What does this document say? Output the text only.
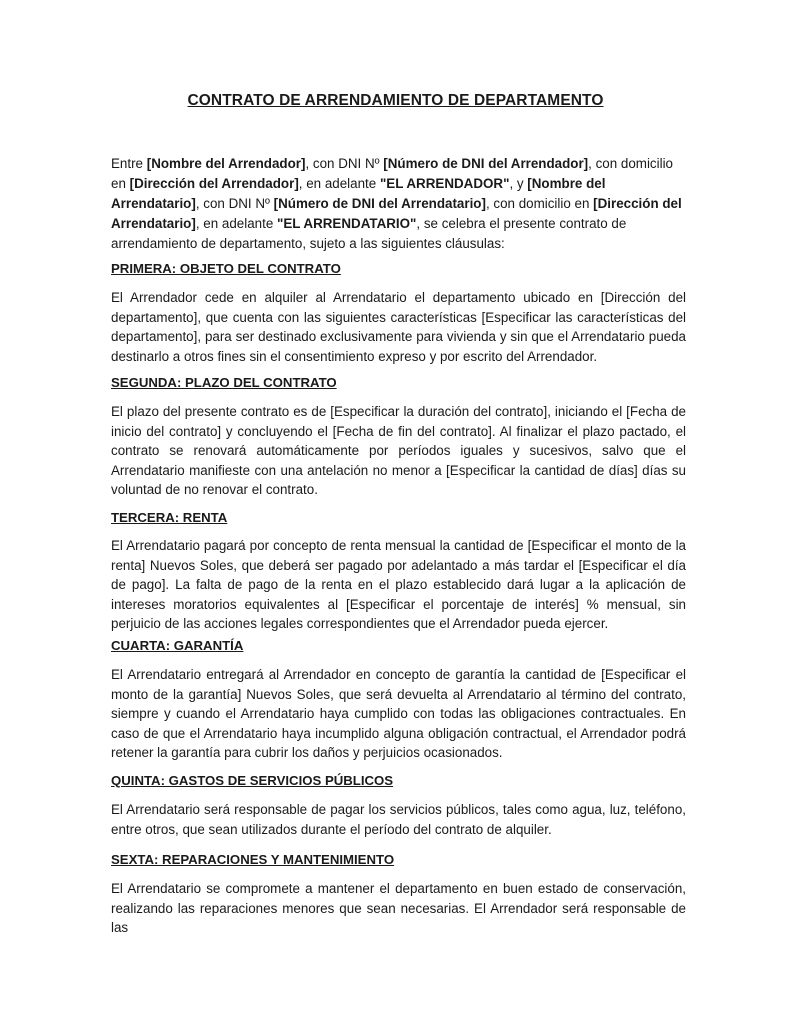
CONTRATO DE ARRENDAMIENTO DE DEPARTAMENTO
Entre [Nombre del Arrendador], con DNI Nº [Número de DNI del Arrendador], con domicilio en [Dirección del Arrendador], en adelante "EL ARRENDADOR", y [Nombre del Arrendatario], con DNI Nº [Número de DNI del Arrendatario], con domicilio en [Dirección del Arrendatario], en adelante "EL ARRENDATARIO", se celebra el presente contrato de arrendamiento de departamento, sujeto a las siguientes cláusulas:
PRIMERA: OBJETO DEL CONTRATO
El Arrendador cede en alquiler al Arrendatario el departamento ubicado en [Dirección del departamento], que cuenta con las siguientes características [Especificar las características del departamento], para ser destinado exclusivamente para vivienda y sin que el Arrendatario pueda destinarlo a otros fines sin el consentimiento expreso y por escrito del Arrendador.
SEGUNDA: PLAZO DEL CONTRATO
El plazo del presente contrato es de [Especificar la duración del contrato], iniciando el [Fecha de inicio del contrato] y concluyendo el [Fecha de fin del contrato]. Al finalizar el plazo pactado, el contrato se renovará automáticamente por períodos iguales y sucesivos, salvo que el Arrendatario manifieste con una antelación no menor a [Especificar la cantidad de días] días su voluntad de no renovar el contrato.
TERCERA: RENTA
El Arrendatario pagará por concepto de renta mensual la cantidad de [Especificar el monto de la renta] Nuevos Soles, que deberá ser pagado por adelantado a más tardar el [Especificar el día de pago]. La falta de pago de la renta en el plazo establecido dará lugar a la aplicación de intereses moratorios equivalentes al [Especificar el porcentaje de interés] % mensual, sin perjuicio de las acciones legales correspondientes que el Arrendador pueda ejercer.
CUARTA: GARANTÍA
El Arrendatario entregará al Arrendador en concepto de garantía la cantidad de [Especificar el monto de la garantía] Nuevos Soles, que será devuelta al Arrendatario al término del contrato, siempre y cuando el Arrendatario haya cumplido con todas las obligaciones contractuales. En caso de que el Arrendatario haya incumplido alguna obligación contractual, el Arrendador podrá retener la garantía para cubrir los daños y perjuicios ocasionados.
QUINTA: GASTOS DE SERVICIOS PÚBLICOS
El Arrendatario será responsable de pagar los servicios públicos, tales como agua, luz, teléfono, entre otros, que sean utilizados durante el período del contrato de alquiler.
SEXTA: REPARACIONES Y MANTENIMIENTO
El Arrendatario se compromete a mantener el departamento en buen estado de conservación, realizando las reparaciones menores que sean necesarias. El Arrendador será responsable de las
